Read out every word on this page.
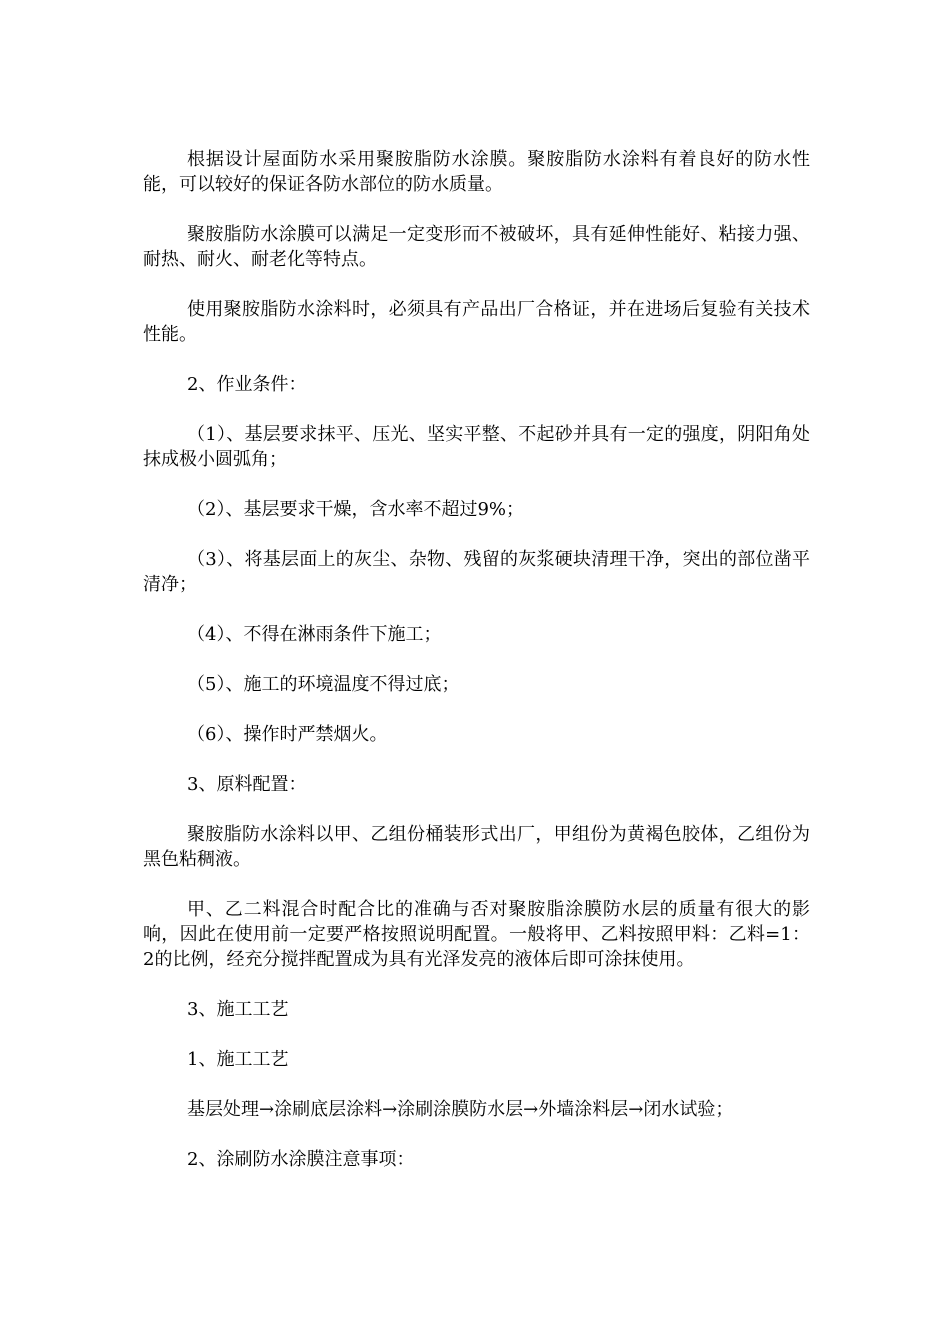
根据设计屋面防水采用聚胺脂防水涂膜。聚胺脂防水涂料有着良好的防水性能，可以较好的保证各防水部位的防水质量。

聚胺脂防水涂膜可以满足一定变形而不被破坏，具有延伸性能好、粘接力强、耐热、耐火、耐老化等特点。

使用聚胺脂防水涂料时，必须具有产品出厂合格证，并在进场后复验有关技术性能。

2、作业条件：

（1）、基层要求抹平、压光、坚实平整、不起砂并具有一定的强度，阴阳角处抹成极小圆弧角；

（2）、基层要求干燥，含水率不超过9%；

（3）、将基层面上的灰尘、杂物、残留的灰浆硬块清理干净，突出的部位凿平清净；

（4）、不得在淋雨条件下施工；

（5）、施工的环境温度不得过底；

（6）、操作时严禁烟火。

3、原料配置：

聚胺脂防水涂料以甲、乙组份桶装形式出厂，甲组份为黄褐色胶体，乙组份为黑色粘稠液。

甲、乙二料混合时配合比的准确与否对聚胺脂涂膜防水层的质量有很大的影响，因此在使用前一定要严格按照说明配置。一般将甲、乙料按照甲料：乙料=1：2的比例，经充分搅拌配置成为具有光泽发亮的液体后即可涂抹使用。

3、施工工艺

1、施工工艺

基层处理→涂刷底层涂料→涂刷涂膜防水层→外墙涂料层→闭水试验；

2、涂刷防水涂膜注意事项：
